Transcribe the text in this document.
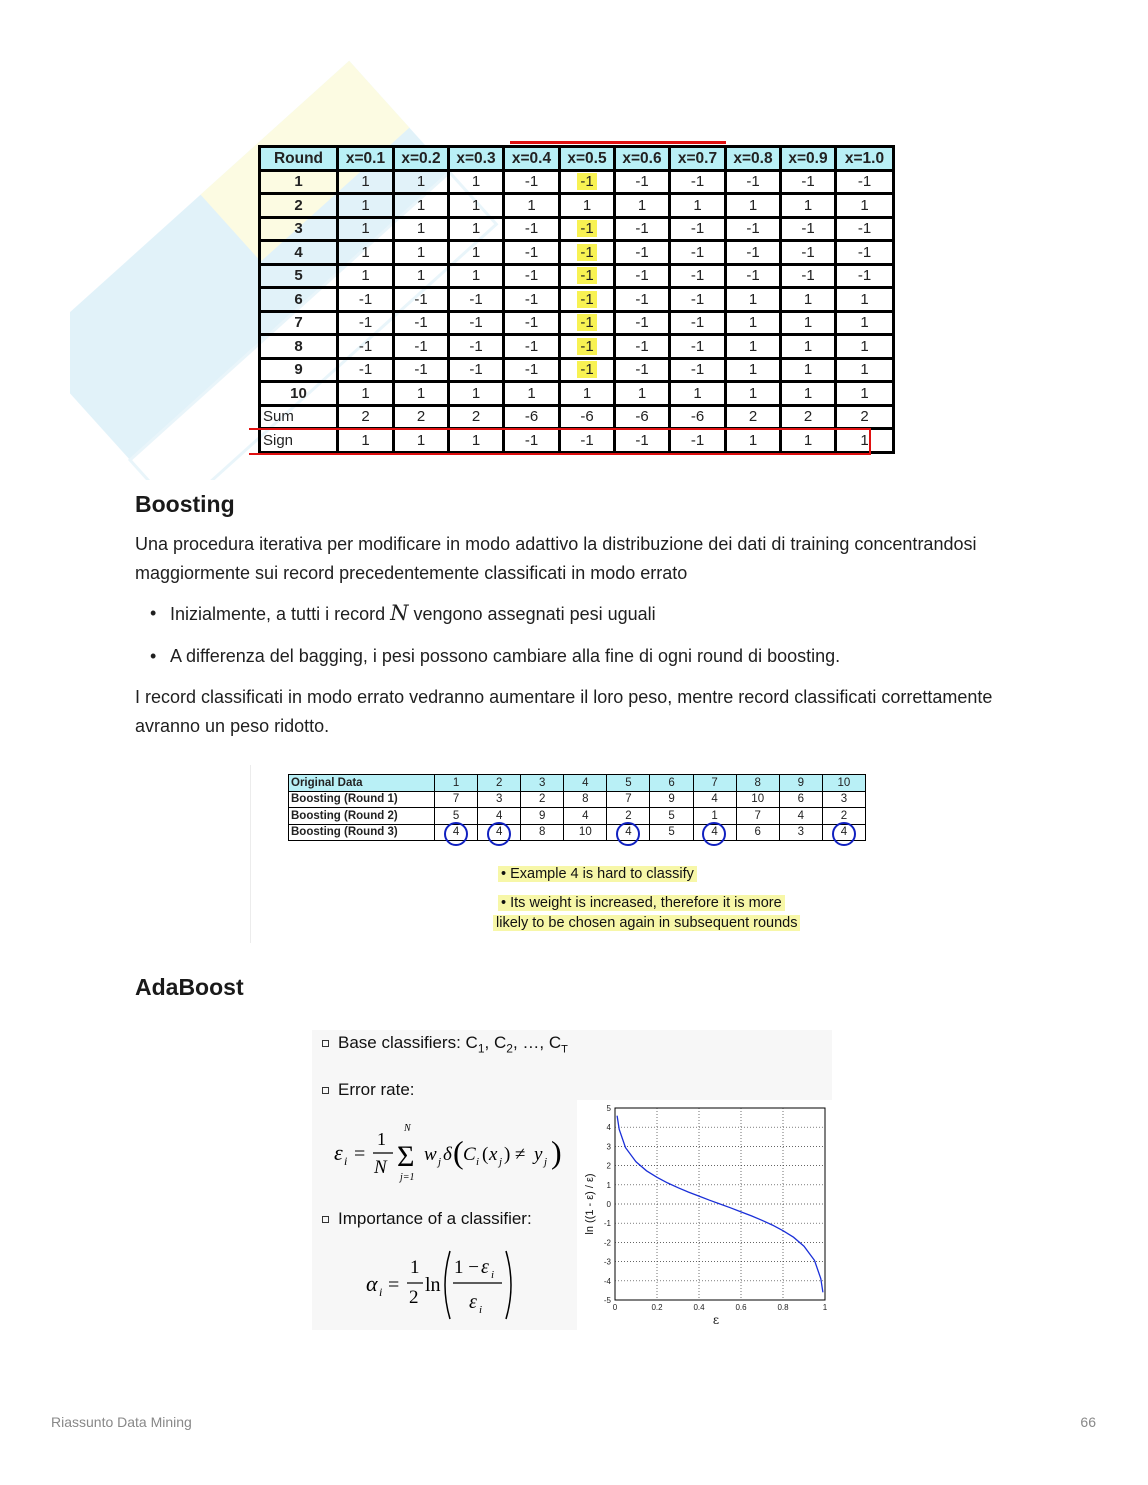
Round	x=0.1	x=0.2	x=0.3	x=0.4	x=0.5	x=0.6	x=0.7	x=0.8	x=0.9	x=1.0
1	1	1	1	-1	-1	-1	-1	-1	-1	-1
2	1	1	1	1	1	1	1	1	1	1
3	1	1	1	-1	-1	-1	-1	-1	-1	-1
4	1	1	1	-1	-1	-1	-1	-1	-1	-1
5	1	1	1	-1	-1	-1	-1	-1	-1	-1
6	-1	-1	-1	-1	-1	-1	-1	1	1	1
7	-1	-1	-1	-1	-1	-1	-1	1	1	1
8	-1	-1	-1	-1	-1	-1	-1	1	1	1
9	-1	-1	-1	-1	-1	-1	-1	1	1	1
10	1	1	1	1	1	1	1	1	1	1
Sum	2	2	2	-6	-6	-6	-6	2	2	2
Sign	1	1	1	-1	-1	-1	-1	1	1	1
Boosting

Una procedura iterativa per modificare in modo adattivo la distribuzione dei dati di training concentrandosi maggiormente sui record precedentemente classificati in modo errato

• Inizialmente, a tutti i record N vengono assegnati pesi uguali
• A differenza del bagging, i pesi possono cambiare alla fine di ogni round di boosting.

I record classificati in modo errato vedranno aumentare il loro peso, mentre record classificati correttamente avranno un peso ridotto.

Original Data	1	2	3	4	5	6	7	8	9	10
Boosting (Round 1)	7	3	2	8	7	9	4	10	6	3
Boosting (Round 2)	5	4	9	4	2	5	1	7	4	2
Boosting (Round 3)	4	4	8	10	4	5	4	6	3	4
• Example 4 is hard to classify
• Its weight is increased, therefore it is more
likely to be chosen again in subsequent rounds
AdaBoost
Base classifiers: $C_1$, $C_2$, …, $C_T$
Error rate:
ε i =
1
N
N
Σ
j=1
w j δ ( C i ( x j ) ≠ y j )
Importance of a classifier:
α i =
1
2
ln
1 − ε i
ε i	0	0.2	0.4	0.6	0.8	1
5
4
3
2
1
0
-1
-2
-3
-4
-5
ε
ln ((1 - ε) / ε)
Riassunto Data Mining	66
